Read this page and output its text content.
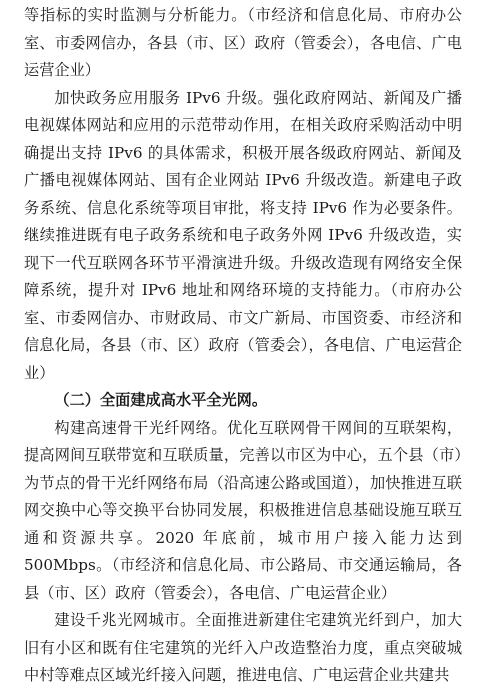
等指标的实时监测与分析能力。（市经济和信息化局、市府办公室、市委网信办，各县（市、区）政府（管委会），各电信、广电运营企业）

加快政务应用服务 IPv6 升级。强化政府网站、新闻及广播电视媒体网站和应用的示范带动作用，在相关政府采购活动中明确提出支持 IPv6 的具体需求，积极开展各级政府网站、新闻及广播电视媒体网站、国有企业网站 IPv6 升级改造。新建电子政务系统、信息化系统等项目审批，将支持 IPv6 作为必要条件。继续推进既有电子政务系统和电子政务外网 IPv6 升级改造，实现下一代互联网各环节平滑演进升级。升级改造现有网络安全保障系统，提升对 IPv6 地址和网络环境的支持能力。（市府办公室、市委网信办、市财政局、市文广新局、市国资委、市经济和信息化局，各县（市、区）政府（管委会），各电信、广电运营企业）

（二）全面建成高水平全光网。

构建高速骨干光纤网络。优化互联网骨干网间的互联架构，提高网间互联带宽和互联质量，完善以市区为中心，五个县（市）为节点的骨干光纤网络布局（沿高速公路或国道），加快推进互联网交换中心等交换平台协同发展，积极推进信息基础设施互联互通和资源共享。2020 年底前，城市用户接入能力达到 500Mbps。（市经济和信息化局、市公路局、市交通运输局，各县（市、区）政府（管委会），各电信、广电运营企业）

建设千兆光网城市。全面推进新建住宅建筑光纤到户，加大旧有小区和既有住宅建筑的光纤入户改造整治力度，重点突破城中村等难点区域光纤接入问题，推进电信、广电运营企业共建共
